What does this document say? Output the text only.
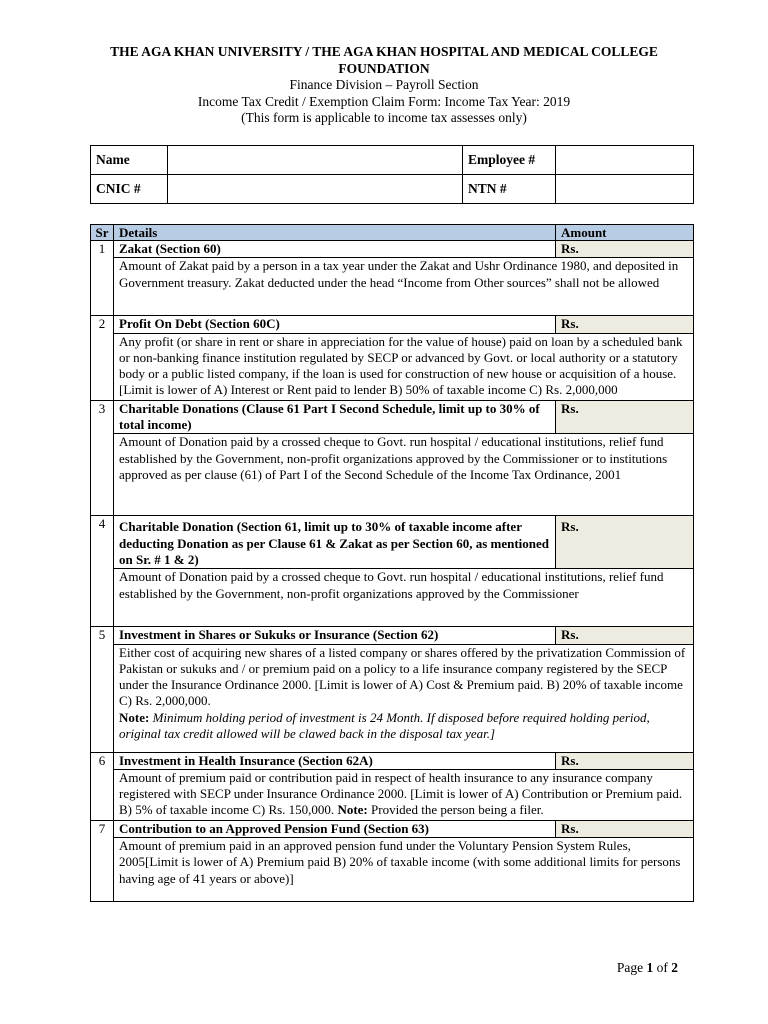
THE AGA KHAN UNIVERSITY / THE AGA KHAN HOSPITAL AND MEDICAL COLLEGE
FOUNDATION
Finance Division – Payroll Section
Income Tax Credit / Exemption Claim Form: Income Tax Year: 2019
(This form is applicable to income tax assesses only)
Name		Employee #	
CNIC #		NTN #	
Sr	Details	Amount
1	Zakat (Section 60)	Rs.
	Amount of Zakat paid by a person in a tax year under the Zakat and Ushr Ordinance 1980, and deposited in Government treasury. Zakat deducted under the head “Income from Other sources” shall not be allowed	
2	Profit On Debt (Section 60C)	Rs.
	Any profit (or share in rent or share in appreciation for the value of house) paid on loan by a scheduled bank or non-banking finance institution regulated by SECP or advanced by Govt. or local authority or a statutory body or a public listed company, if the loan is used for construction of new house or acquisition of a house. [Limit is lower of A) Interest or Rent paid to lender B) 50% of taxable income C) Rs. 2,000,000	
3	Charitable Donations (Clause 61 Part I Second Schedule, limit up to 30% of total income)	Rs.
	Amount of Donation paid by a crossed cheque to Govt. run hospital / educational institutions, relief fund established by the Government, non-profit organizations approved by the Commissioner or to institutions approved as per clause (61) of Part I of the Second Schedule of the Income Tax Ordinance, 2001	
4	Charitable Donation (Section 61, limit up to 30% of taxable income after deducting Donation as per Clause 61 & Zakat as per Section 60, as mentioned on Sr. # 1 & 2)	Rs.
	Amount of Donation paid by a crossed cheque to Govt. run hospital / educational institutions, relief fund established by the Government, non-profit organizations approved by the Commissioner	
5	Investment in Shares or Sukuks or Insurance (Section 62)	Rs.
	Either cost of acquiring new shares of a listed company or shares offered by the privatization Commission of Pakistan or sukuks and / or premium paid on a policy to a life insurance company registered by the SECP under the Insurance Ordinance 2000. [Limit is lower of A) Cost & Premium paid. B) 20% of taxable income C) Rs. 2,000,000.
Note: Minimum holding period of investment is 24 Month. If disposed before required holding period, original tax credit allowed will be clawed back in the disposal tax year.]	
6	Investment in Health Insurance (Section 62A)	Rs.
	Amount of premium paid or contribution paid in respect of health insurance to any insurance company registered with SECP under Insurance Ordinance 2000. [Limit is lower of A) Contribution or Premium paid. B) 5% of taxable income C) Rs. 150,000. Note: Provided the person being a filer.	
7	Contribution to an Approved Pension Fund (Section 63)	Rs.
	Amount of premium paid in an approved pension fund under the Voluntary Pension System Rules, 2005[Limit is lower of A) Premium paid B) 20% of taxable income (with some additional limits for persons having age of 41 years or above)]	
Page 1 of 2
